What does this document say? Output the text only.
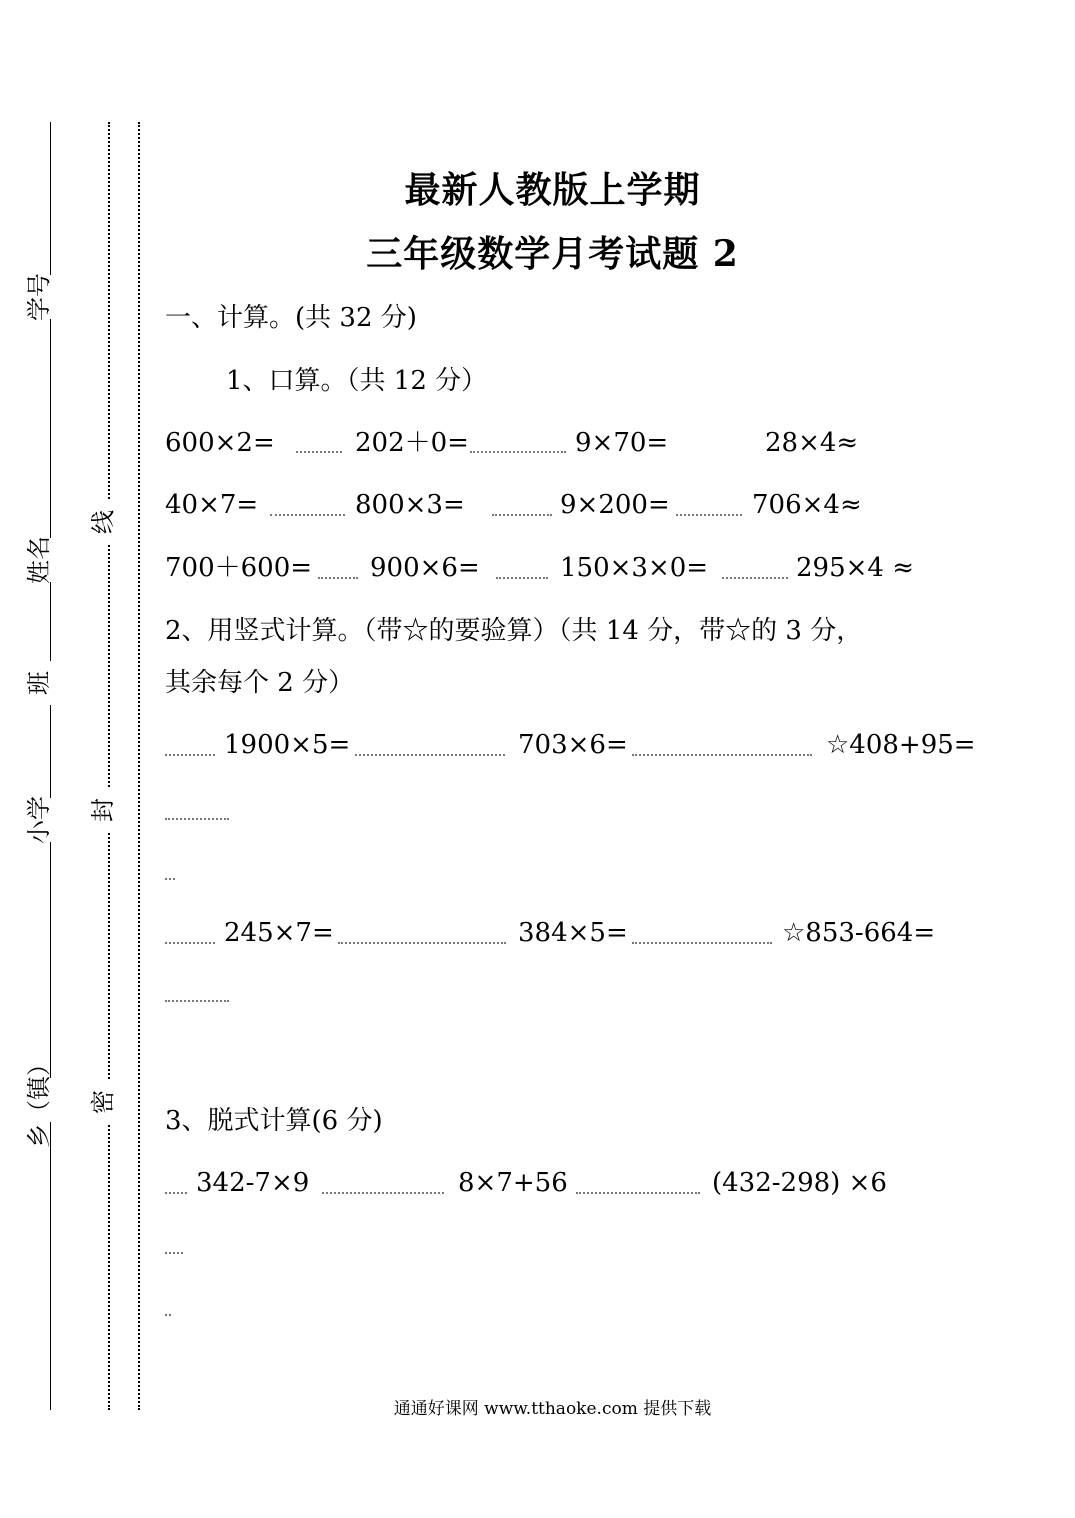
学号
姓名
班
小学
乡（镇）
线
封
密
最新人教版上学期
三年级数学月考试题 2
一、计算。(共 32 分)
1、口算。（共 12 分）
600×2=	202＋0=	9×70=	28×4≈
40×7=	800×3=	9×200=	706×4≈
700＋600= 900×6=	150×3×0=	295×4 ≈
2、用竖式计算。（带☆的要验算）（共 14 分，带☆的 3 分，
其余每个 2 分）
1900×5=	703×6=	☆408+95=
245×7=	384×5=	☆853-664=
3、脱式计算(6 分)
342-7×9	8×7+56	(432-298) ×6
通通好课网 www.tthaoke.com 提供下载
